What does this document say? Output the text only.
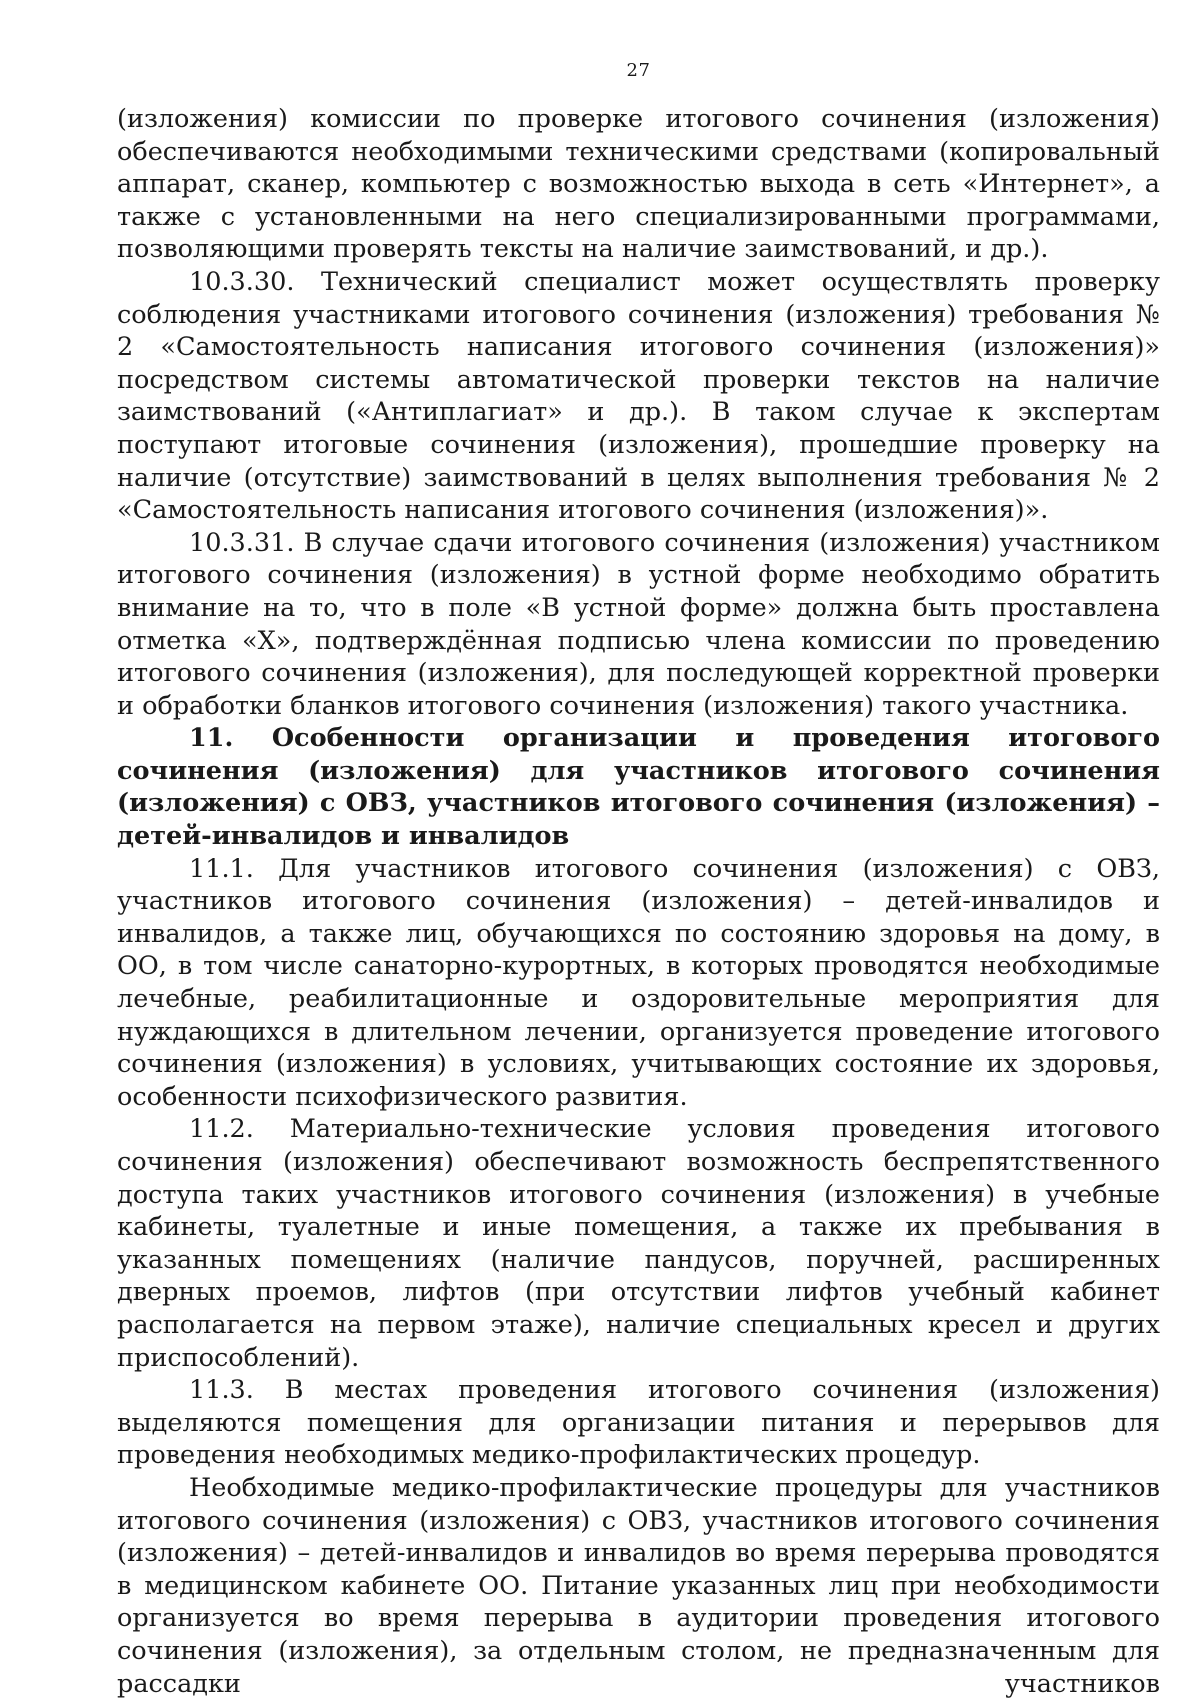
27

(изложения) комиссии по проверке итогового сочинения (изложения) обеспечиваются необходимыми техническими средствами (копировальный аппарат, сканер, компьютер с возможностью выхода в сеть «Интернет», а также с установленными на него специализированными программами, позволяющими проверять тексты на наличие заимствований, и др.).

10.3.30. Технический специалист может осуществлять проверку соблюдения участниками итогового сочинения (изложения) требования № 2 «Самостоятельность написания итогового сочинения (изложения)» посредством системы автоматической проверки текстов на наличие заимствований («Антиплагиат» и др.). В таком случае к экспертам поступают итоговые сочинения (изложения), прошедшие проверку на наличие (отсутствие) заимствований в целях выполнения требования № 2 «Самостоятельность написания итогового сочинения (изложения)».

10.3.31. В случае сдачи итогового сочинения (изложения) участником итогового сочинения (изложения) в устной форме необходимо обратить внимание на то, что в поле «В устной форме» должна быть проставлена отметка «Х», подтверждённая подписью члена комиссии по проведению итогового сочинения (изложения), для последующей корректной проверки и обработки бланков итогового сочинения (изложения) такого участника.

11. Особенности организации и проведения итогового сочинения (изложения) для участников итогового сочинения (изложения) с ОВЗ, участников итогового сочинения (изложения) – детей-инвалидов и инвалидов

11.1. Для участников итогового сочинения (изложения) с ОВЗ, участников итогового сочинения (изложения) – детей-инвалидов и инвалидов, а также лиц, обучающихся по состоянию здоровья на дому, в ОО, в том числе санаторно-курортных, в которых проводятся необходимые лечебные, реабилитационные и оздоровительные мероприятия для нуждающихся в длительном лечении, организуется проведение итогового сочинения (изложения) в условиях, учитывающих состояние их здоровья, особенности психофизического развития.

11.2. Материально-технические условия проведения итогового сочинения (изложения) обеспечивают возможность беспрепятственного доступа таких участников итогового сочинения (изложения) в учебные кабинеты, туалетные и иные помещения, а также их пребывания в указанных помещениях (наличие пандусов, поручней, расширенных дверных проемов, лифтов (при отсутствии лифтов учебный кабинет располагается на первом этаже), наличие специальных кресел и других приспособлений).

11.3. В местах проведения итогового сочинения (изложения) выделяются помещения для организации питания и перерывов для проведения необходимых медико-профилактических процедур.

Необходимые медико-профилактические процедуры для участников итогового сочинения (изложения) с ОВЗ, участников итогового сочинения (изложения) – детей-инвалидов и инвалидов во время перерыва проводятся в медицинском кабинете ОО. Питание указанных лиц при необходимости организуется во время перерыва в аудитории проведения итогового сочинения (изложения), за отдельным столом, не предназначенным для рассадки участников
